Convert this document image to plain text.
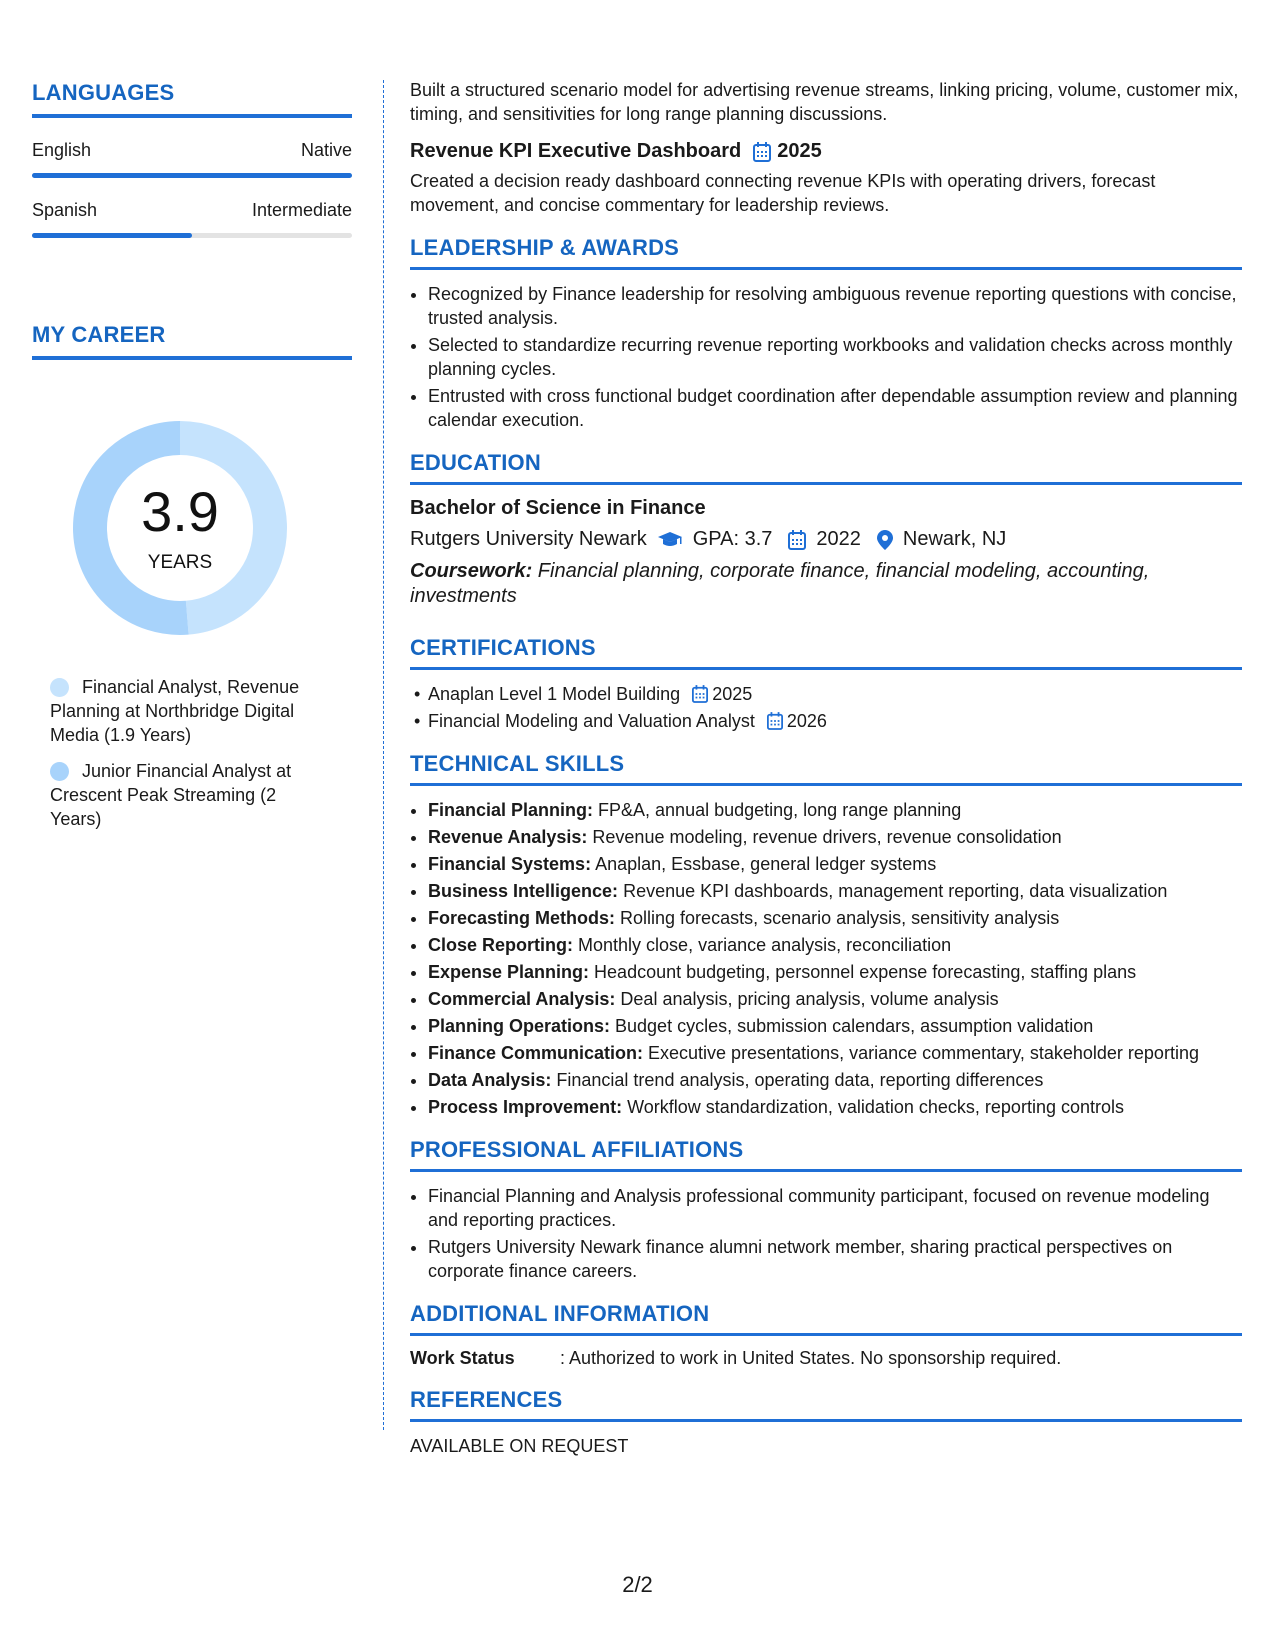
LANGUAGES
English	Native
Spanish	Intermediate
MY CAREER
3.9
YEARS
Financial Analyst, Revenue Planning at Northbridge Digital Media (1.9 Years)
Junior Financial Analyst at Crescent Peak Streaming (2 Years)

Built a structured scenario model for advertising revenue streams, linking pricing, volume, customer mix, timing, and sensitivities for long range planning discussions.

Revenue KPI Executive Dashboard 2025

Created a decision ready dashboard connecting revenue KPIs with operating drivers, forecast movement, and concise commentary for leadership reviews.

LEADERSHIP & AWARDS
• Recognized by Finance leadership for resolving ambiguous revenue reporting questions with concise, trusted analysis.
• Selected to standardize recurring revenue reporting workbooks and validation checks across monthly planning cycles.
• Entrusted with cross functional budget coordination after dependable assumption review and planning calendar execution.
EDUCATION
Bachelor of Science in Finance
Rutgers University Newark GPA: 3.7 2022 Newark, NJ
Coursework: Financial planning, corporate finance, financial modeling, accounting, investments
CERTIFICATIONS
• Anaplan Level 1 Model Building 2025
• Financial Modeling and Valuation Analyst 2026
TECHNICAL SKILLS
• Financial Planning: FP&A, annual budgeting, long range planning
• Revenue Analysis: Revenue modeling, revenue drivers, revenue consolidation
• Financial Systems: Anaplan, Essbase, general ledger systems
• Business Intelligence: Revenue KPI dashboards, management reporting, data visualization
• Forecasting Methods: Rolling forecasts, scenario analysis, sensitivity analysis
• Close Reporting: Monthly close, variance analysis, reconciliation
• Expense Planning: Headcount budgeting, personnel expense forecasting, staffing plans
• Commercial Analysis: Deal analysis, pricing analysis, volume analysis
• Planning Operations: Budget cycles, submission calendars, assumption validation
• Finance Communication: Executive presentations, variance commentary, stakeholder reporting
• Data Analysis: Financial trend analysis, operating data, reporting differences
• Process Improvement: Workflow standardization, validation checks, reporting controls
PROFESSIONAL AFFILIATIONS
• Financial Planning and Analysis professional community participant, focused on revenue modeling and reporting practices.
• Rutgers University Newark finance alumni network member, sharing practical perspectives on corporate finance careers.
ADDITIONAL INFORMATION
Work Status	: Authorized to work in United States. No sponsorship required.
REFERENCES

AVAILABLE ON REQUEST

2/2
